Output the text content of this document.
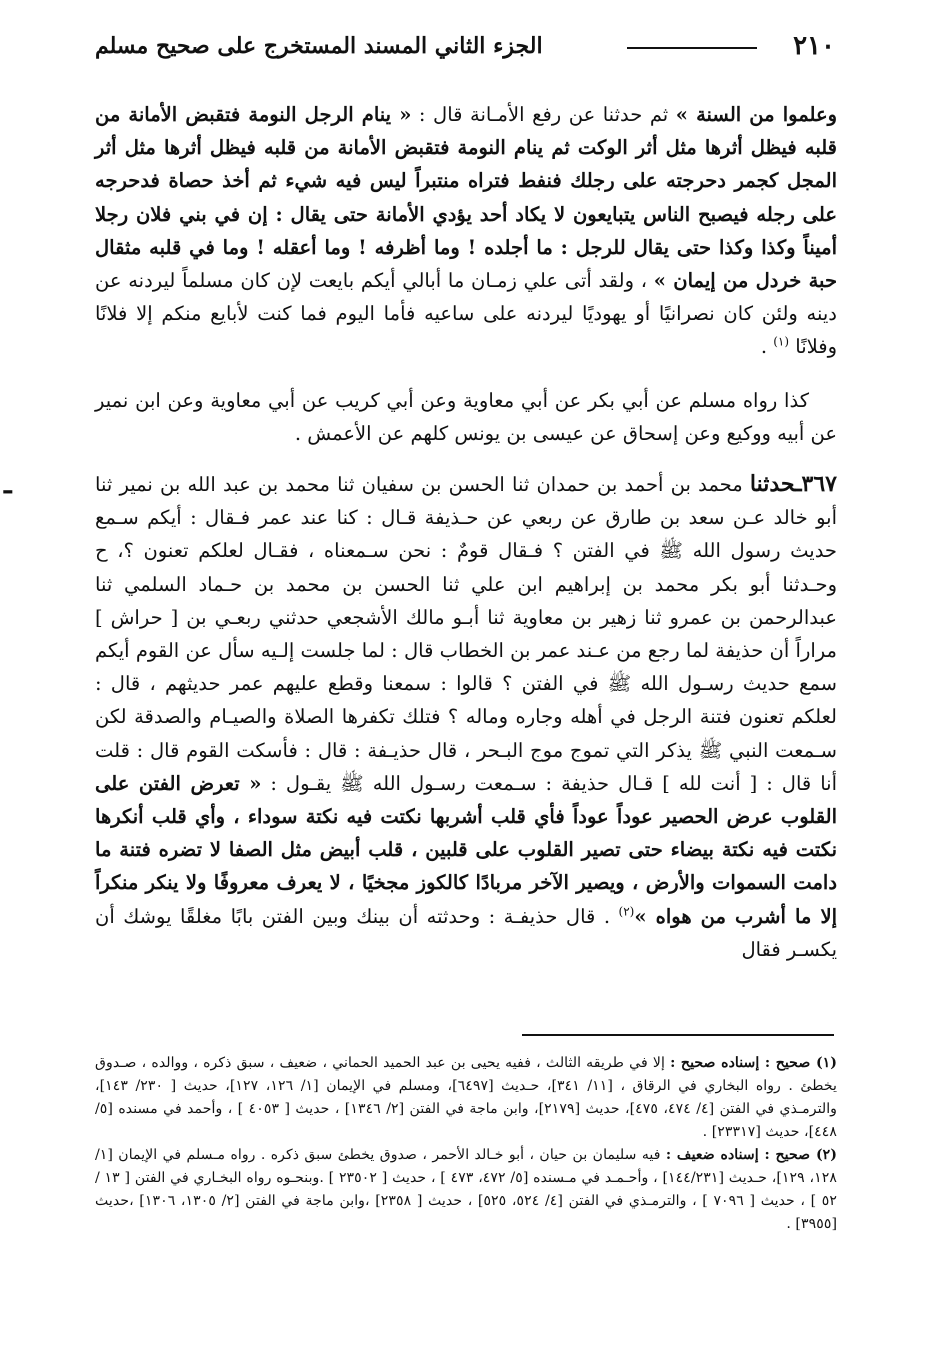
٢١٠
الجزء الثاني المسند المستخرج على صحيح مسلم

وعلموا من السنة » ثم حدثنا عن رفع الأمـانة قال : « ينام الرجل النومة فتقبض الأمانة من قلبه فيظل أثرها مثل أثر الوكت ثم ينام النومة فتقبض الأمانة من قلبه فيظل أثرها مثل أثر المجل كجمر دحرجته على رجلك فنفط فتراه منتبراً ليس فيه شيء ثم أخذ حصاة فدحرجه على رجله فيصبح الناس يتبايعون لا يكاد أحد يؤدي الأمانة حتى يقال : إن في بني فلان رجلا أميناً وكذا وكذا حتى يقال للرجل : ما أجلده ! وما أظرفه ! وما أعقله ! وما في قلبه مثقال حبة خردل من إيمان » ، ولقد أتى علي زمـان ما أبالي أيكم بايعت لإن كان مسلماً ليردنه عن دينه ولئن كان نصرانيًا أو يهوديًا ليردنه على ساعيه فأما اليوم فما كنت لأبايع منكم إلا فلانًا وفلانًا $^{(١)}$ .

كذا رواه مسلم عن أبي بكر عن أبي معاوية وعن أبي كريب عن أبي معاوية وعن ابن نمير عن أبيه ووكيع وعن إسحاق عن عيسى بن يونس كلهم عن الأعمش .

٣٦٧ـحدثنا محمد بن أحمد بن حمدان ثنا الحسن بن سفيان ثنا محمد بن عبد الله بن نمير ثنا أبو خالد عـن سعد بن طارق عن ربعي عن حـذيفة قـال : كنا عند عمر فـقال : أيكم سـمع حديث رسول الله ﷺ في الفتن ؟ فـقال قومٌ : نحن سـمعناه ، فقـال لعلكم تعنون ؟، ح وحـدثنا أبو بكر محمد بن إبراهيم ابن علي ثنا الحسن بن محمد بن حـماد السلمي ثنا عبدالرحمن بن عمرو ثنا زهير بن معاوية ثنا أبـو مالك الأشجعي حدثني ربعـي بن [ حراش ] مراراً أن حذيفة لما رجع من عـند عمر بن الخطاب قال : لما جلست إلـيه سأل عن القوم أيكم سمع حديث رسـول الله ﷺ في الفتن ؟ قالوا : سمعنا وقطع عليهم عمر حديثهم ، قال : لعلكم تعنون فتنة الرجل في أهله وجاره وماله ؟ فتلك تكفرها الصلاة والصيـام والصدقة لكن سـمعت النبي ﷺ يذكر التي تموج موج البـحر ، قال حذيـفة : قال : فأسكت القوم قال : قلت أنا قال : [ أنت لله ] قـال حذيفة : سـمعت رسـول الله ﷺ يقـول : « تعرض الفتن على القلوب عرض الحصير عوداً عوداً فأي قلب أشربها نكتت فيه نكتة سوداء ، وأي قلب أنكرها نكتت فيه نكتة بيضاء حتى تصير القلوب على قلبين ، قلب أبيض مثل الصفا لا تضره فتنة ما دامت السموات والأرض ، ويصير الآخر مربادًا كالكوز مجخيًا ، لا يعرف معروفًا ولا ينكر منكراً إلا ما أشرب من هواه »$^{(٢)}$ . قال حذيفـة : وحدثته أن بينك وبين الفتن بابًا مغلقًا يوشك أن يكسـر فقال

ـ

(١) صحيح : إسناده صحيح : إلا في طريقه الثالث ، ففيه يحيى بن عبد الحميد الحماني ، ضعيف ، سبق ذكره ، ووالده ، صـدوق يخطئ . رواه البخاري في الرقاق ، [١١/ ٣٤١]، حـديث [٦٤٩٧]، ومسلم في الإيمان [١/ ١٢٦، ١٢٧]، حديث [ ٢٣٠/ ١٤٣]، والترمـذي في الفتن [٤/ ٤٧٤، ٤٧٥]، حديث [٢١٧٩]، وابن ماجة في الفتن [٢/ ١٣٤٦] ، حديث [ ٤٠٥٣ ] ، وأحمد في مسنده [٥/ ٤٤٨]، حديث [٢٣٣١٧] .

(٢) صحيح : إسناده ضعيف : فيه سليمان بن حيان ، أبو خـالد الأحمر ، صدوق يخطئ سبق ذكره . رواه مـسلم في الإيمان [١/ ١٢٨، ١٢٩]، حـديث [١٤٤/٢٣١] ، وأحـمـد في مـسنده [٥/ ٤٧٢، ٤٧٣ ] ، حديث [ ٢٣٥٠٢ ] .وبنحـوه رواه البخـاري في الفتن [ ١٣ / ٥٢ ] ، حديث [ ٧٠٩٦ ] ، والترمـذي في الفتن [٤/ ٥٢٤، ٥٢٥] ، حديث [ ٢٣٥٨] ،وابن ماجة في الفتن [٢/ ١٣٠٥، ١٣٠٦] ،حديث [٣٩٥٥] .
